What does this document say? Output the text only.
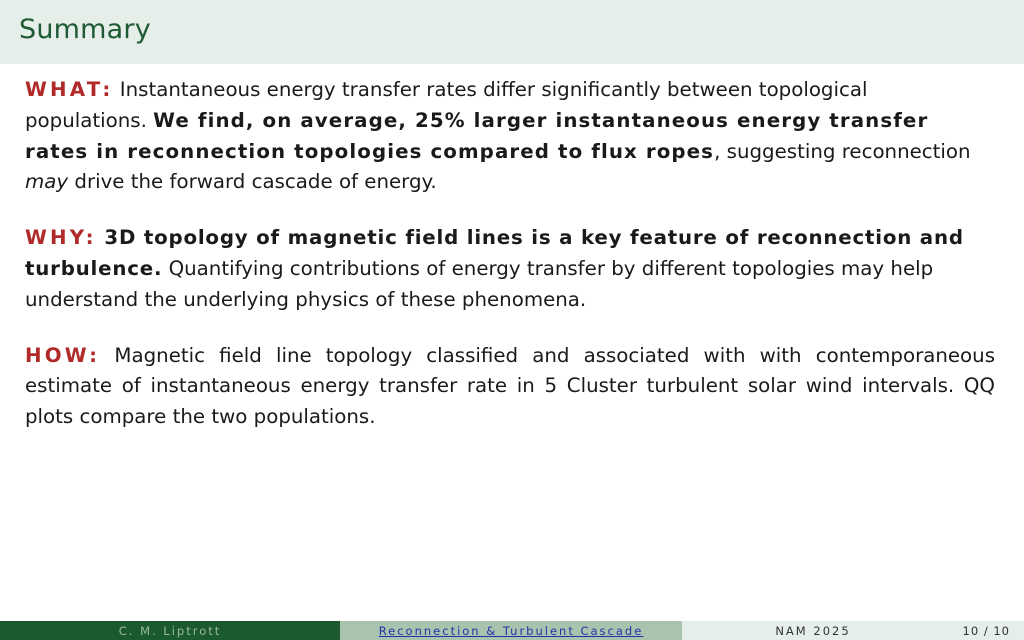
Summary

WHAT: Instantaneous energy transfer rates differ significantly between topological populations. We find, on average, 25% larger instantaneous energy transfer rates in reconnection topologies compared to flux ropes, suggesting reconnection may drive the forward cascade of energy.

WHY: 3D topology of magnetic field lines is a key feature of reconnection and turbulence. Quantifying contributions of energy transfer by different topologies may help understand the underlying physics of these phenomena.

HOW: Magnetic field line topology classified and associated with with contemporaneous estimate of instantaneous energy transfer rate in 5 Cluster turbulent solar wind intervals. QQ plots compare the two populations.

C. M. Liptrott	Reconnection & Turbulent Cascade	NAM 2025	10 / 10
